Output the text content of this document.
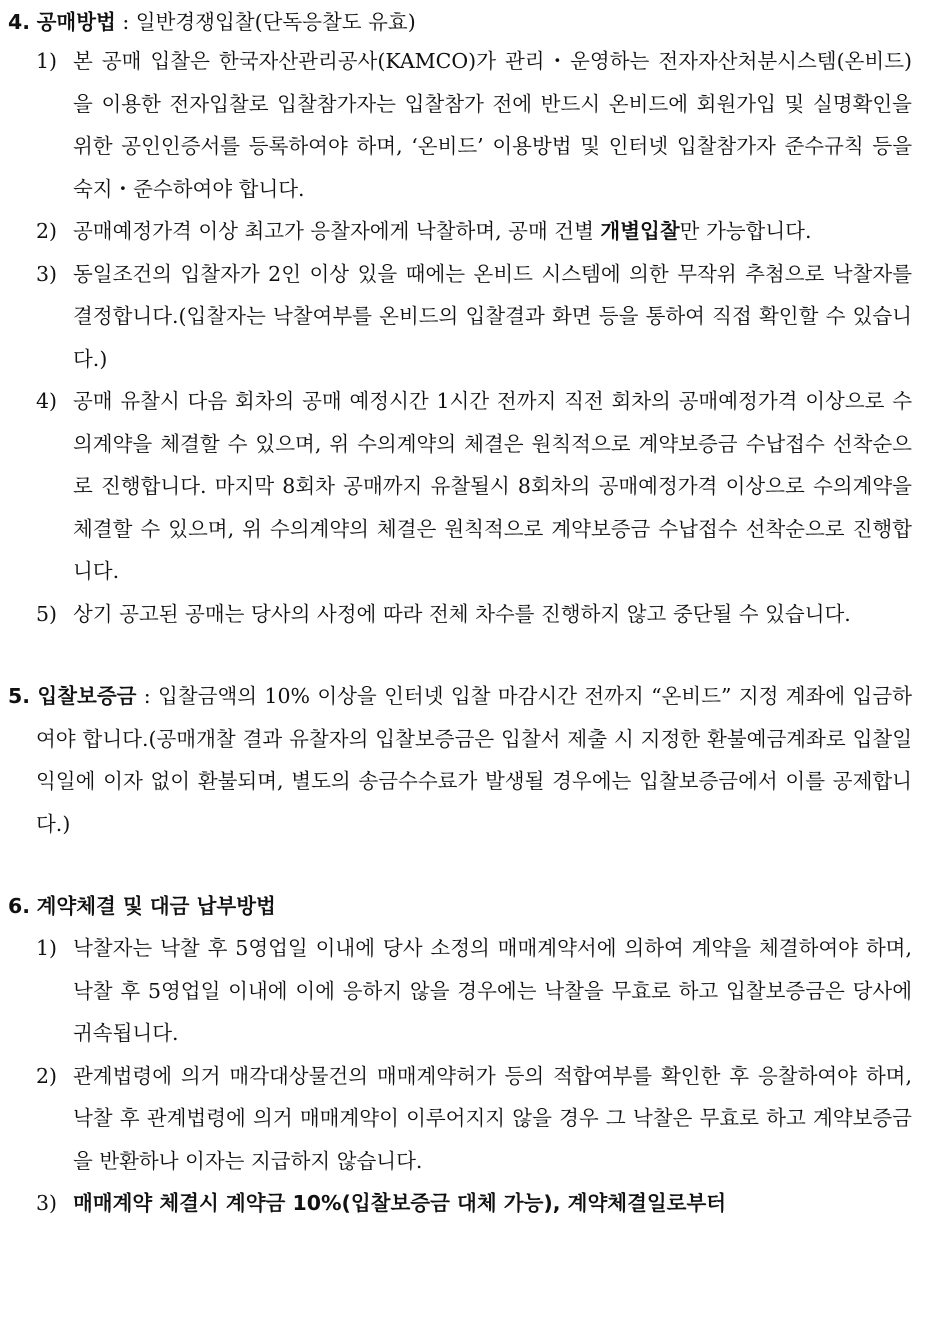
4. 공매방법 : 일반경쟁입찰(단독응찰도 유효)
1) 본 공매 입찰은 한국자산관리공사(KAMCO)가 관리・운영하는 전자자산처분시스템(온비드)을 이용한 전자입찰로 입찰참가자는 입찰참가 전에 반드시 온비드에 회원가입 및 실명확인을 위한 공인인증서를 등록하여야 하며, ‘온비드’ 이용방법 및 인터넷 입찰참가자 준수규칙 등을 숙지・준수하여야 합니다.
2) 공매예정가격 이상 최고가 응찰자에게 낙찰하며, 공매 건별 개별입찰만 가능합니다.
3) 동일조건의 입찰자가 2인 이상 있을 때에는 온비드 시스템에 의한 무작위 추첨으로 낙찰자를 결정합니다.(입찰자는 낙찰여부를 온비드의 입찰결과 화면 등을 통하여 직접 확인할 수 있습니다.)
4) 공매 유찰시 다음 회차의 공매 예정시간 1시간 전까지 직전 회차의 공매예정가격 이상으로 수의계약을 체결할 수 있으며, 위 수의계약의 체결은 원칙적으로 계약보증금 수납접수 선착순으로 진행합니다. 마지막 8회차 공매까지 유찰될시 8회차의 공매예정가격 이상으로 수의계약을 체결할 수 있으며, 위 수의계약의 체결은 원칙적으로 계약보증금 수납접수 선착순으로 진행합니다.
5) 상기 공고된 공매는 당사의 사정에 따라 전체 차수를 진행하지 않고 중단될 수 있습니다.

5. 입찰보증금 : 입찰금액의 10% 이상을 인터넷 입찰 마감시간 전까지 “온비드” 지정 계좌에 입금하여야 합니다.(공매개찰 결과 유찰자의 입찰보증금은 입찰서 제출 시 지정한 환불예금계좌로 입찰일 익일에 이자 없이 환불되며, 별도의 송금수수료가 발생될 경우에는 입찰보증금에서 이를 공제합니다.)

6. 계약체결 및 대금 납부방법
1) 낙찰자는 낙찰 후 5영업일 이내에 당사 소정의 매매계약서에 의하여 계약을 체결하여야 하며, 낙찰 후 5영업일 이내에 이에 응하지 않을 경우에는 낙찰을 무효로 하고 입찰보증금은 당사에 귀속됩니다.
2) 관계법령에 의거 매각대상물건의 매매계약허가 등의 적합여부를 확인한 후 응찰하여야 하며, 낙찰 후 관계법령에 의거 매매계약이 이루어지지 않을 경우 그 낙찰은 무효로 하고 계약보증금을 반환하나 이자는 지급하지 않습니다.
3) 매매계약 체결시 계약금 10%(입찰보증금 대체 가능), 계약체결일로부터
